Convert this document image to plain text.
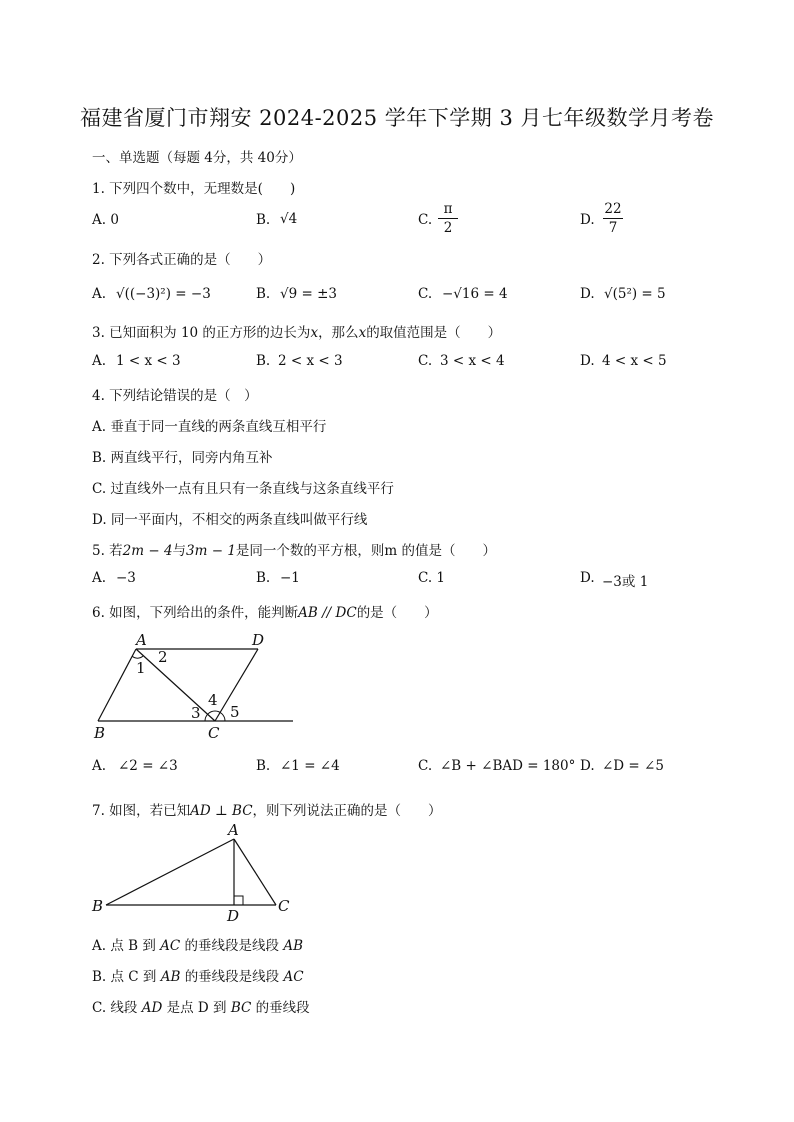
福建省厦门市翔安 2024-2025 学年下学期 3 月七年级数学月考卷
一、单选题（每题 4分，共 40分）
1. 下列四个数中，无理数是(　　)
A. 0	B. √4	C.
π
2	D.
22
7
2. 下列各式正确的是（　　）
A. √((−3)²) = −3	B. √9 = ±3	C. −√16 = 4	D. √(5²) = 5
3. 已知面积为 10 的正方形的边长为x，那么x的取值范围是（　　）
A. 1 < x < 3	B. 2 < x < 3	C. 3 < x < 4	D. 4 < x < 5
4. 下列结论错误的是（　）
A. 垂直于同一直线的两条直线互相平行
B. 两直线平行，同旁内角互补
C. 过直线外一点有且只有一条直线与这条直线平行
D. 同一平面内，不相交的两条直线叫做平行线
5. 若2m − 4与3m − 1是同一个数的平方根，则m 的值是（　　）
A. −3	B. −1	C. 1	D. −3或 1
6. 如图，下列给出的条件，能判断AB // DC的是（　　）
A	D
B	C
1
2
3
4
5
A. ∠2 = ∠3	B. ∠1 = ∠4	C. ∠B + ∠BAD = 180° D. ∠D = ∠5
7. 如图，若已知AD ⊥ BC，则下列说法正确的是（　　）
A
B	C
D
A. 点 B 到 AC 的垂线段是线段 AB
B. 点 C 到 AB 的垂线段是线段 AC
C. 线段 AD 是点 D 到 BC 的垂线段
